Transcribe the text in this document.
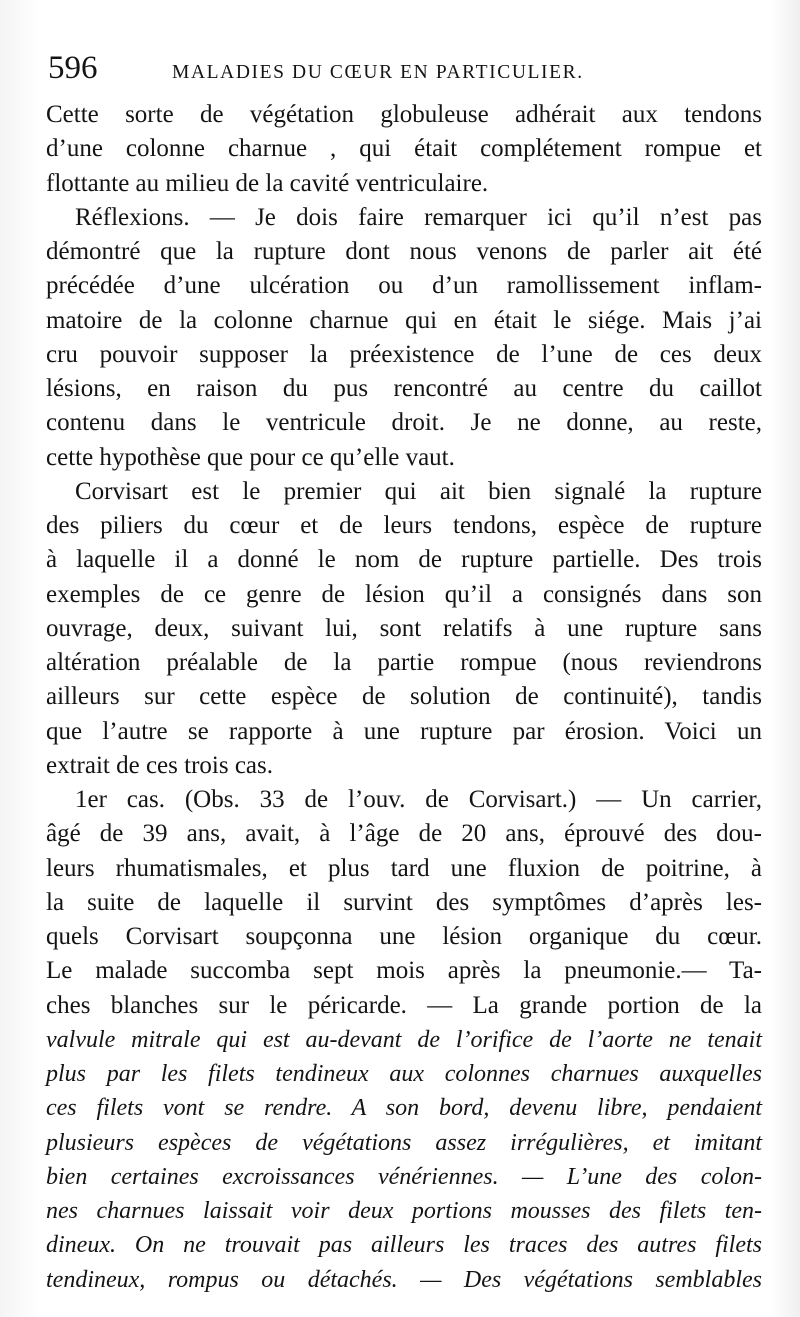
596	MALADIES DU CŒUR EN PARTICULIER.
Cette sorte de végétation globuleuse adhérait aux tendons
d’une colonne charnue , qui était complétement rompue et
flottante au milieu de la cavité ventriculaire.
Réflexions. — Je dois faire remarquer ici qu’il n’est pas
démontré que la rupture dont nous venons de parler ait été
précédée d’une ulcération ou d’un ramollissement inflam-
matoire de la colonne charnue qui en était le siége. Mais j’ai
cru pouvoir supposer la préexistence de l’une de ces deux
lésions, en raison du pus rencontré au centre du caillot
contenu dans le ventricule droit. Je ne donne, au reste,
cette hypothèse que pour ce qu’elle vaut.
Corvisart est le premier qui ait bien signalé la rupture
des piliers du cœur et de leurs tendons, espèce de rupture
à laquelle il a donné le nom de rupture partielle. Des trois
exemples de ce genre de lésion qu’il a consignés dans son
ouvrage, deux, suivant lui, sont relatifs à une rupture sans
altération préalable de la partie rompue (nous reviendrons
ailleurs sur cette espèce de solution de continuité), tandis
que l’autre se rapporte à une rupture par érosion. Voici un
extrait de ces trois cas.
1er cas. (Obs. 33 de l’ouv. de Corvisart.) — Un carrier,
âgé de 39 ans, avait, à l’âge de 20 ans, éprouvé des dou-
leurs rhumatismales, et plus tard une fluxion de poitrine, à
la suite de laquelle il survint des symptômes d’après les-
quels Corvisart soupçonna une lésion organique du cœur.
Le malade succomba sept mois après la pneumonie.— Ta-
ches blanches sur le péricarde. — La grande portion de la
valvule mitrale qui est au-devant de l’orifice de l’aorte ne tenait
plus par les filets tendineux aux colonnes charnues auxquelles
ces filets vont se rendre. A son bord, devenu libre, pendaient
plusieurs espèces de végétations assez irrégulières, et imitant
bien certaines excroissances vénériennes. — L’une des colon-
nes charnues laissait voir deux portions mousses des filets ten-
dineux. On ne trouvait pas ailleurs les traces des autres filets
tendineux, rompus ou détachés. — Des végétations semblables
